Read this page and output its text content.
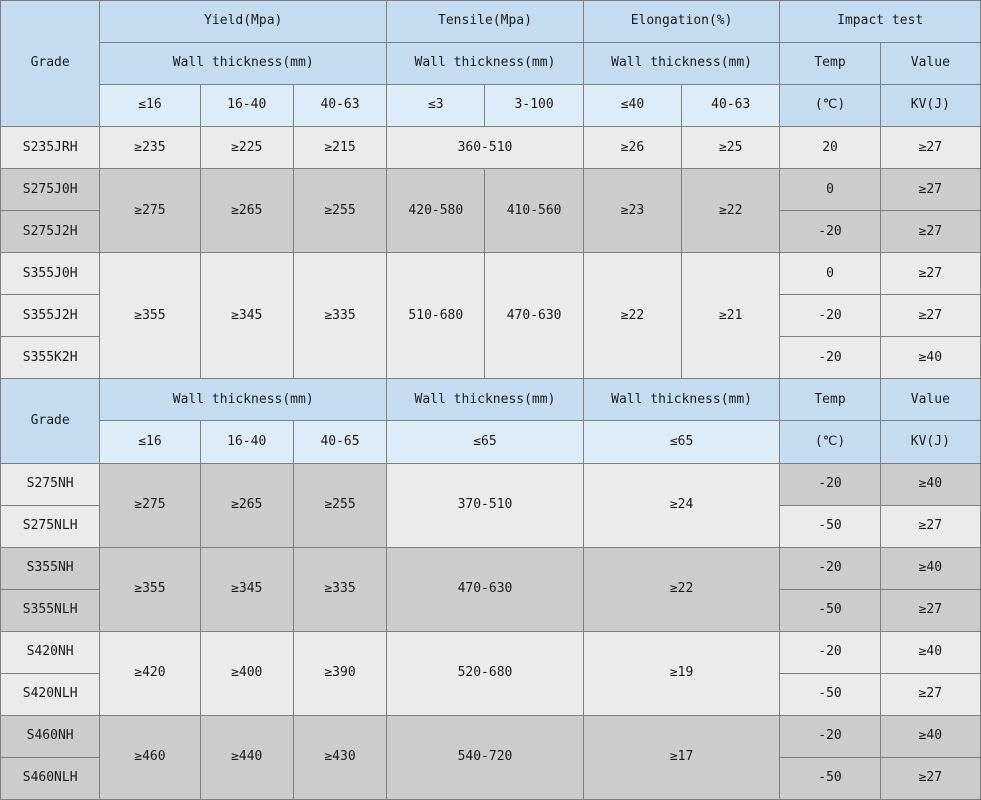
Grade	Yield(Mpa)			Tensile(Mpa)		Elongation(%)		Impact test	
	Wall thickness(mm)			Wall thickness(mm)		Wall thickness(mm)		Temp	Value
	≤16	16-40	40-63	≤3	3-100	≤40	40-63	(℃)	KV(J)
S235JRH	≥235	≥225	≥215	360-510		≥26	≥25	20	≥27
S275J0H	≥275	≥265	≥255	420-580	410-560	≥23	≥22	0	≥27
S275J2H								-20	≥27
S355J0H	≥355	≥345	≥335	510-680	470-630	≥22	≥21	0	≥27
S355J2H								-20	≥27
S355K2H								-20	≥40
Grade	Wall thickness(mm)			Wall thickness(mm)		Wall thickness(mm)		Temp	Value
	≤16	16-40	40-65	≤65		≤65		(℃)	KV(J)
S275NH	≥275	≥265	≥255	370-510		≥24		-20	≥40
S275NLH								-50	≥27
S355NH	≥355	≥345	≥335	470-630		≥22		-20	≥40
S355NLH								-50	≥27
S420NH	≥420	≥400	≥390	520-680		≥19		-20	≥40
S420NLH								-50	≥27
S460NH	≥460	≥440	≥430	540-720		≥17		-20	≥40
S460NLH								-50	≥27
